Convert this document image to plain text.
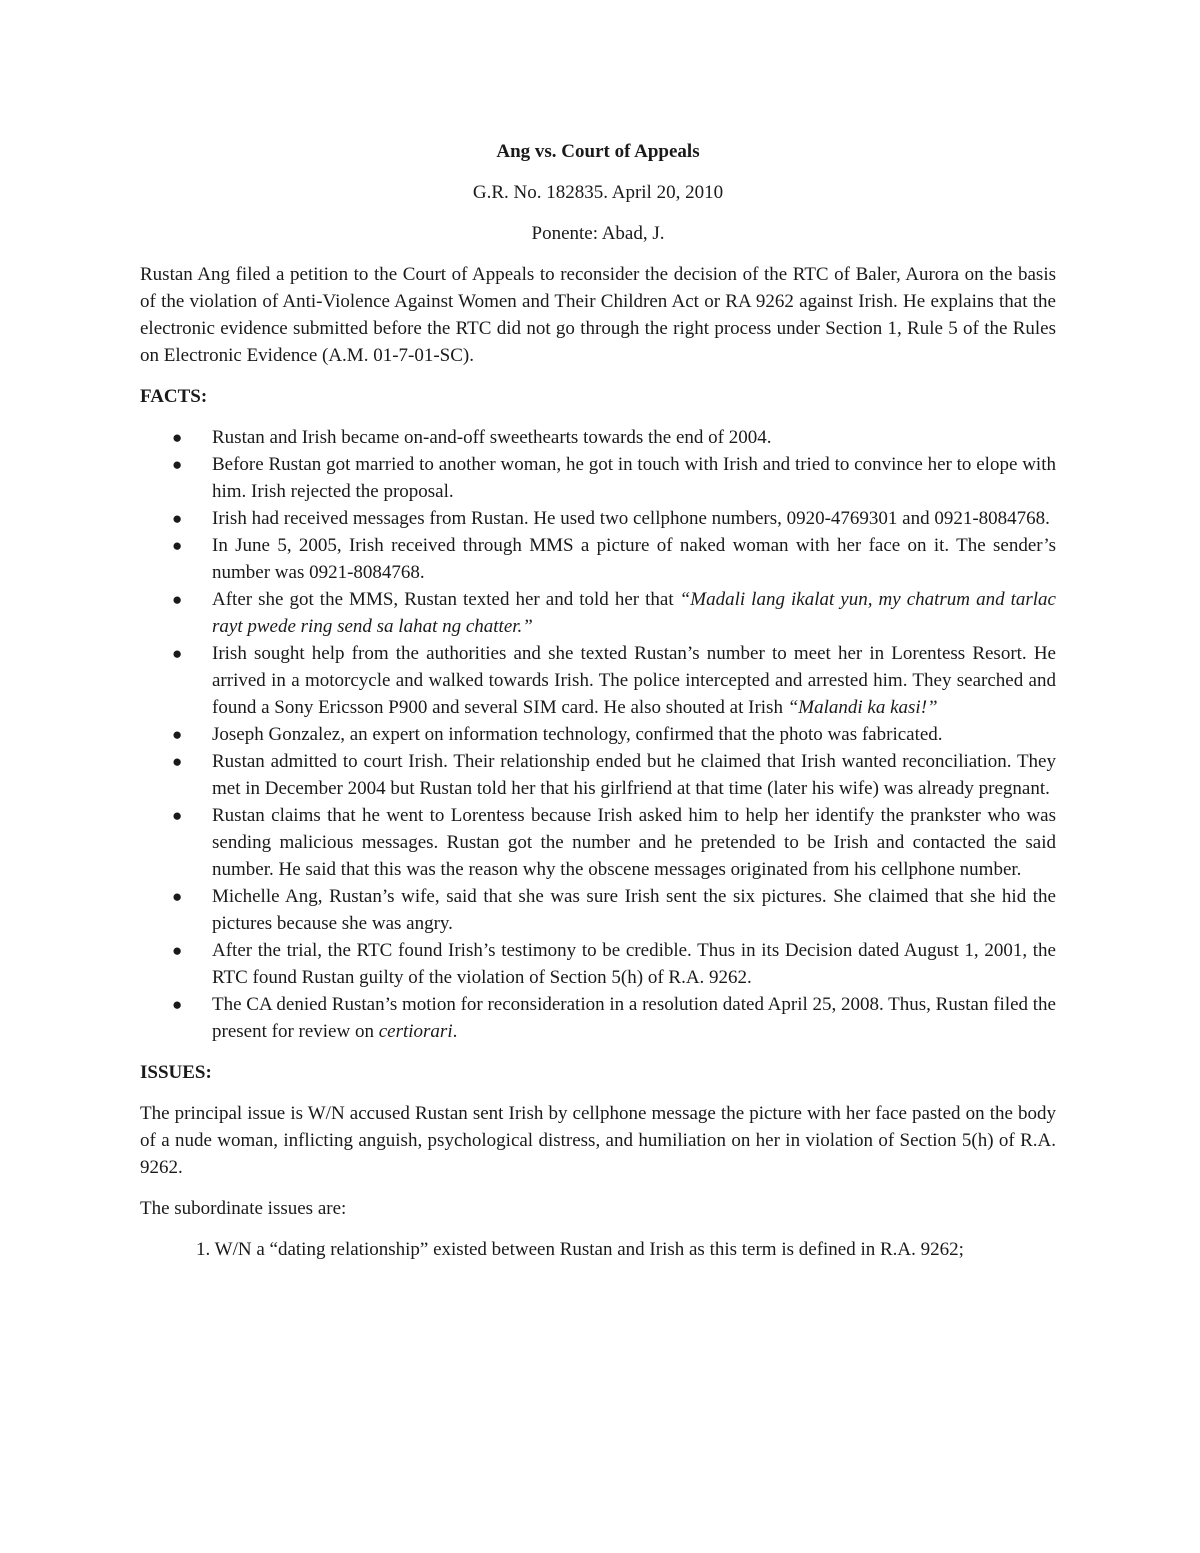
Ang vs. Court of Appeals

G.R. No. 182835. April 20, 2010

Ponente: Abad, J.

Rustan Ang filed a petition to the Court of Appeals to reconsider the decision of the RTC of Baler, Aurora on the basis of the violation of Anti-Violence Against Women and Their Children Act or RA 9262 against Irish. He explains that the electronic evidence submitted before the RTC did not go through the right process under Section 1, Rule 5 of the Rules on Electronic Evidence (A.M. 01-7-01-SC).

FACTS:

● Rustan and Irish became on-and-off sweethearts towards the end of 2004.
● Before Rustan got married to another woman, he got in touch with Irish and tried to convince her to elope with him. Irish rejected the proposal.
● Irish had received messages from Rustan. He used two cellphone numbers, 0920-4769301 and 0921-8084768.
● In June 5, 2005, Irish received through MMS a picture of naked woman with her face on it. The sender’s number was 0921-8084768.
● After she got the MMS, Rustan texted her and told her that “Madali lang ikalat yun, my chatrum and tarlac rayt pwede ring send sa lahat ng chatter.”
● Irish sought help from the authorities and she texted Rustan’s number to meet her in Lorentess Resort. He arrived in a motorcycle and walked towards Irish. The police intercepted and arrested him. They searched and found a Sony Ericsson P900 and several SIM card. He also shouted at Irish “Malandi ka kasi!”
● Joseph Gonzalez, an expert on information technology, confirmed that the photo was fabricated.
● Rustan admitted to court Irish. Their relationship ended but he claimed that Irish wanted reconciliation. They met in December 2004 but Rustan told her that his girlfriend at that time (later his wife) was already pregnant.
● Rustan claims that he went to Lorentess because Irish asked him to help her identify the prankster who was sending malicious messages. Rustan got the number and he pretended to be Irish and contacted the said number. He said that this was the reason why the obscene messages originated from his cellphone number.
● Michelle Ang, Rustan’s wife, said that she was sure Irish sent the six pictures. She claimed that she hid the pictures because she was angry.
● After the trial, the RTC found Irish’s testimony to be credible. Thus in its Decision dated August 1, 2001, the RTC found Rustan guilty of the violation of Section 5(h) of R.A. 9262.
● The CA denied Rustan’s motion for reconsideration in a resolution dated April 25, 2008. Thus, Rustan filed the present for review on certiorari.

ISSUES:

The principal issue is W/N accused Rustan sent Irish by cellphone message the picture with her face pasted on the body of a nude woman, inflicting anguish, psychological distress, and humiliation on her in violation of Section 5(h) of R.A. 9262.

The subordinate issues are:

1. W/N a “dating relationship” existed between Rustan and Irish as this term is defined in R.A. 9262;
